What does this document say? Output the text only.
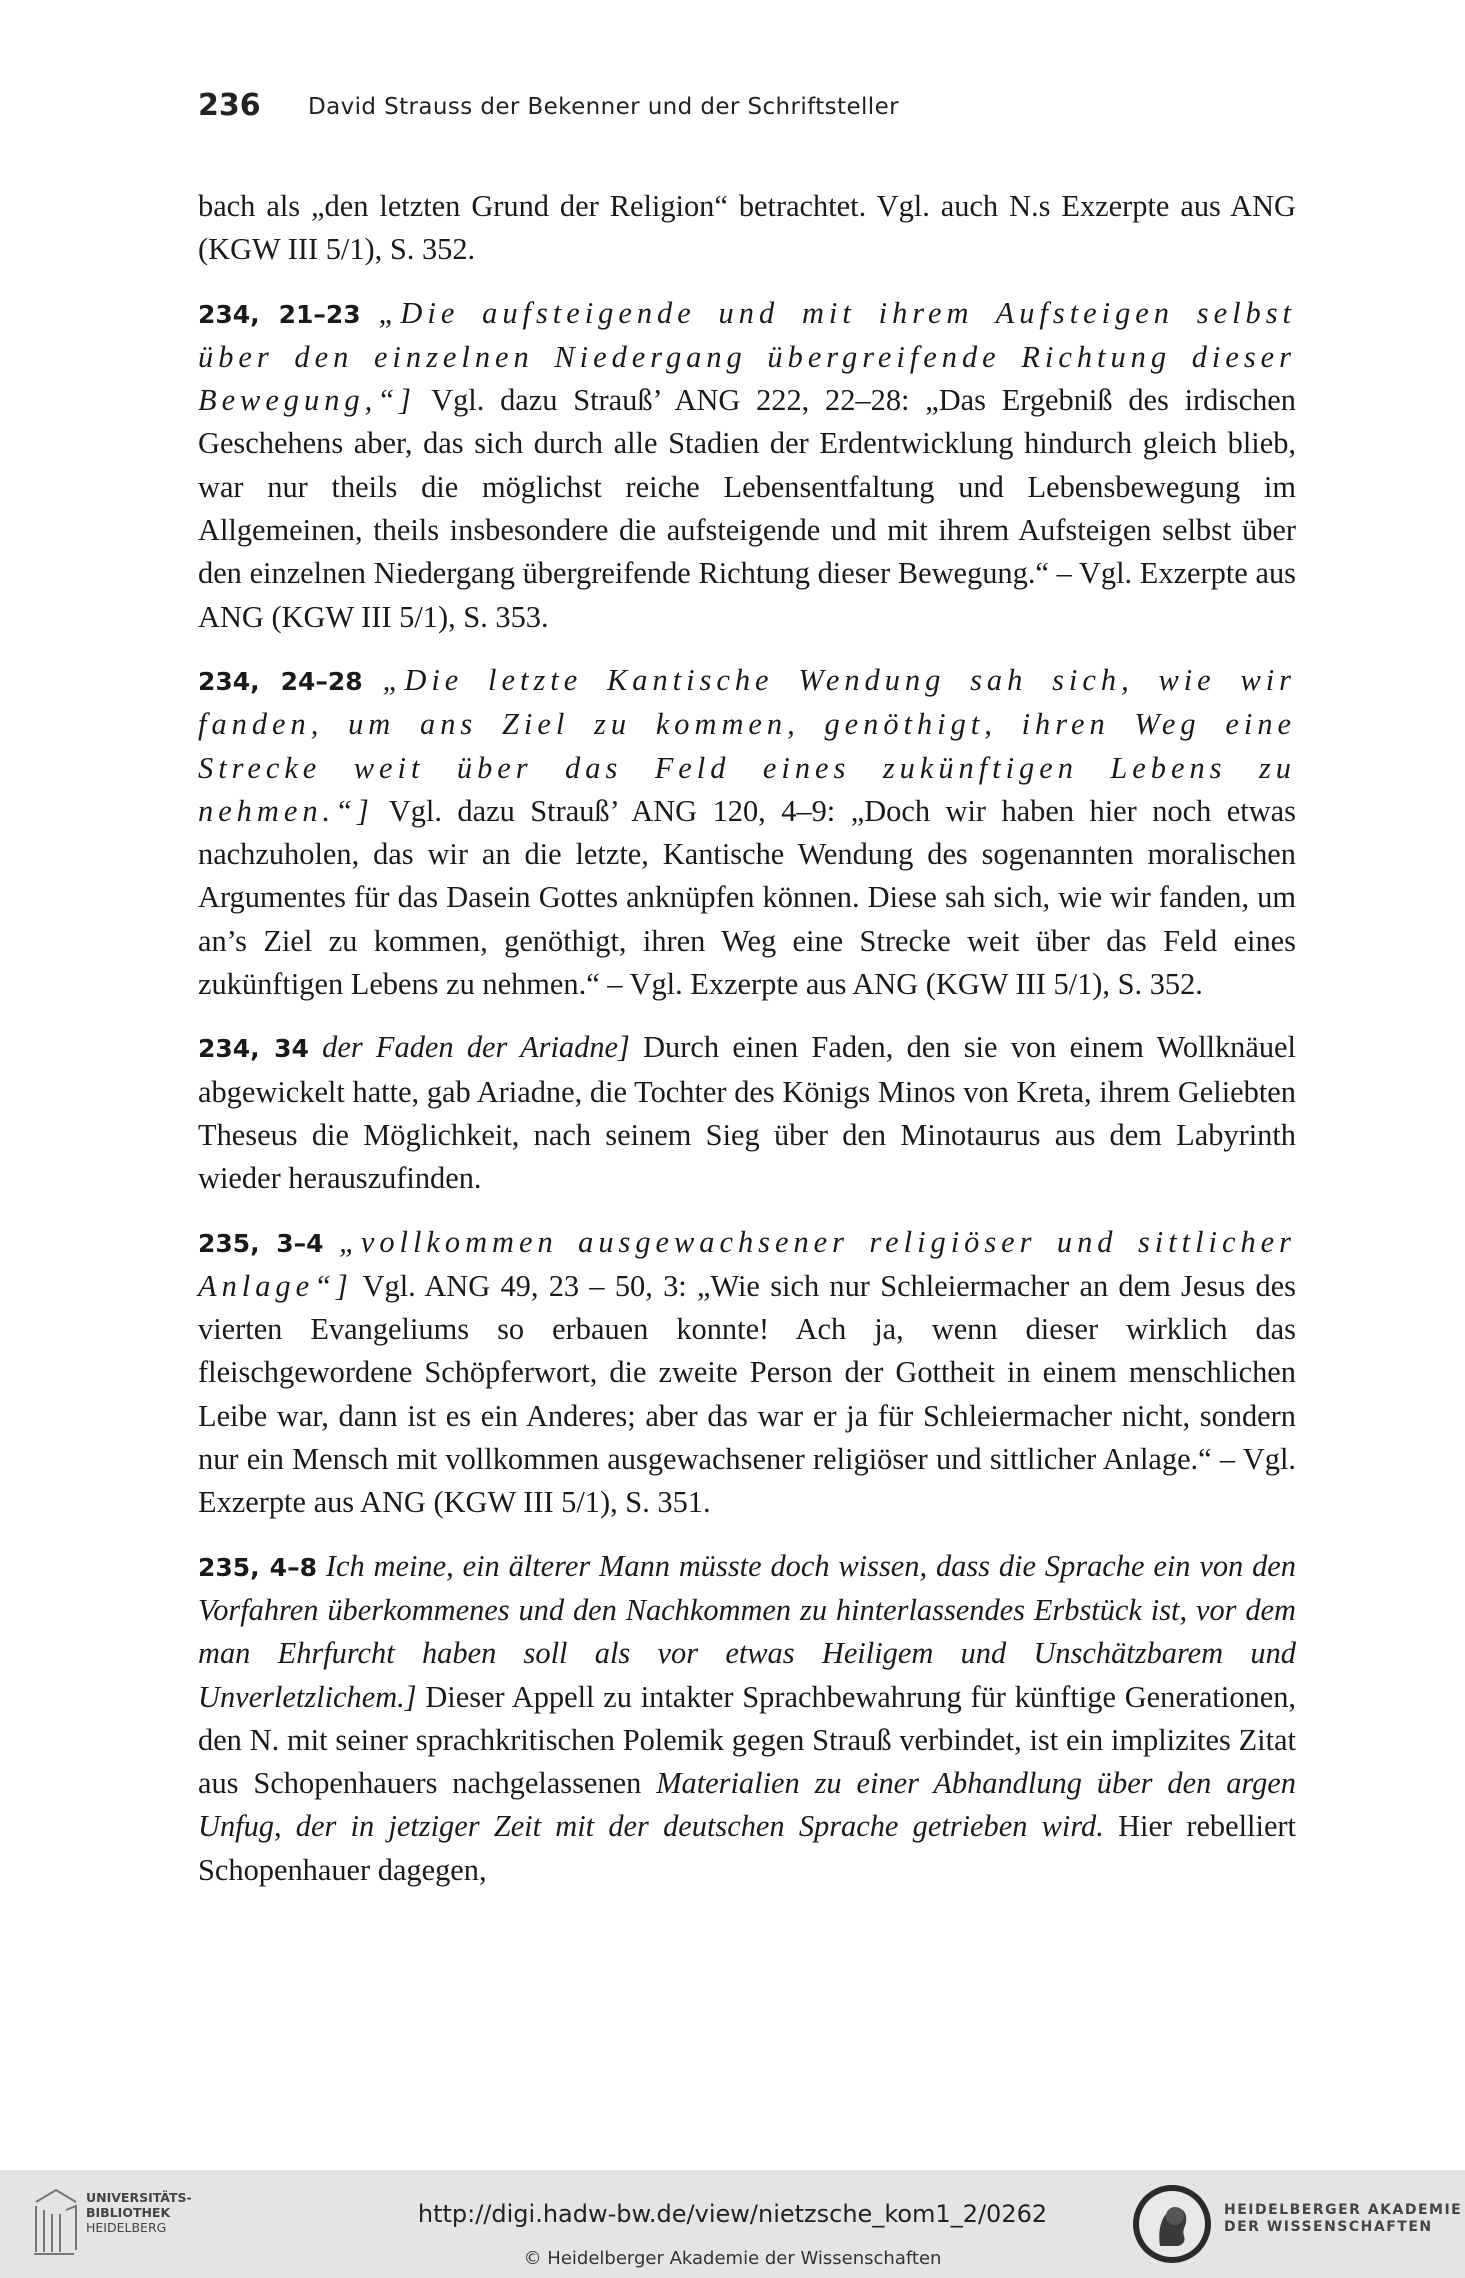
236 David Strauss der Bekenner und der Schriftsteller

bach als „den letzten Grund der Religion“ betrachtet. Vgl. auch N.s Exzerpte aus ANG (KGW III 5/1), S. 352.

234, 21–23 „Die aufsteigende und mit ihrem Aufsteigen selbst über den einzelnen Niedergang übergreifende Richtung dieser Bewegung,“] Vgl. dazu Strauß’ ANG 222, 22–28: „Das Ergebniß des irdischen Geschehens aber, das sich durch alle Stadien der Erdentwicklung hindurch gleich blieb, war nur theils die möglichst reiche Lebensentfaltung und Lebensbewegung im Allgemeinen, theils insbesondere die aufsteigende und mit ihrem Aufsteigen selbst über den einzelnen Niedergang übergreifende Richtung dieser Bewegung.“ – Vgl. Exzerpte aus ANG (KGW III 5/1), S. 353.

234, 24–28 „Die letzte Kantische Wendung sah sich, wie wir fanden, um ans Ziel zu kommen, genöthigt, ihren Weg eine Strecke weit über das Feld eines zukünftigen Lebens zu nehmen.“] Vgl. dazu Strauß’ ANG 120, 4–9: „Doch wir haben hier noch etwas nachzuholen, das wir an die letzte, Kantische Wendung des sogenannten moralischen Argumentes für das Dasein Gottes anknüpfen können. Diese sah sich, wie wir fanden, um an’s Ziel zu kommen, genöthigt, ihren Weg eine Strecke weit über das Feld eines zukünftigen Lebens zu nehmen.“ – Vgl. Exzerpte aus ANG (KGW III 5/1), S. 352.

234, 34 der Faden der Ariadne] Durch einen Faden, den sie von einem Wollknäuel abgewickelt hatte, gab Ariadne, die Tochter des Königs Minos von Kreta, ihrem Geliebten Theseus die Möglichkeit, nach seinem Sieg über den Minotaurus aus dem Labyrinth wieder herauszufinden.

235, 3–4 „vollkommen ausgewachsener religiöser und sittlicher Anlage“] Vgl. ANG 49, 23 – 50, 3: „Wie sich nur Schleiermacher an dem Jesus des vierten Evangeliums so erbauen konnte! Ach ja, wenn dieser wirklich das fleischgewordene Schöpferwort, die zweite Person der Gottheit in einem menschlichen Leibe war, dann ist es ein Anderes; aber das war er ja für Schleiermacher nicht, sondern nur ein Mensch mit vollkommen ausgewachsener religiöser und sittlicher Anlage.“ – Vgl. Exzerpte aus ANG (KGW III 5/1), S. 351.

235, 4–8 Ich meine, ein älterer Mann müsste doch wissen, dass die Sprache ein von den Vorfahren überkommenes und den Nachkommen zu hinterlassendes Erbstück ist, vor dem man Ehrfurcht haben soll als vor etwas Heiligem und Unschätzbarem und Unverletzlichem.] Dieser Appell zu intakter Sprachbewahrung für künftige Generationen, den N. mit seiner sprachkritischen Polemik gegen Strauß verbindet, ist ein implizites Zitat aus Schopenhauers nachgelassenen Materialien zu einer Abhandlung über den argen Unfug, der in jetziger Zeit mit der deutschen Sprache getrieben wird. Hier rebelliert Schopenhauer dagegen,

UNIVERSITÄTS-
BIBLIOTHEK
HEIDELBERG	http://digi.hadw-bw.de/view/nietzsche_kom1_2/0262
© Heidelberger Akademie der Wissenschaften
HEIDELBERGER AKADEMIE
DER WISSENSCHAFTEN
